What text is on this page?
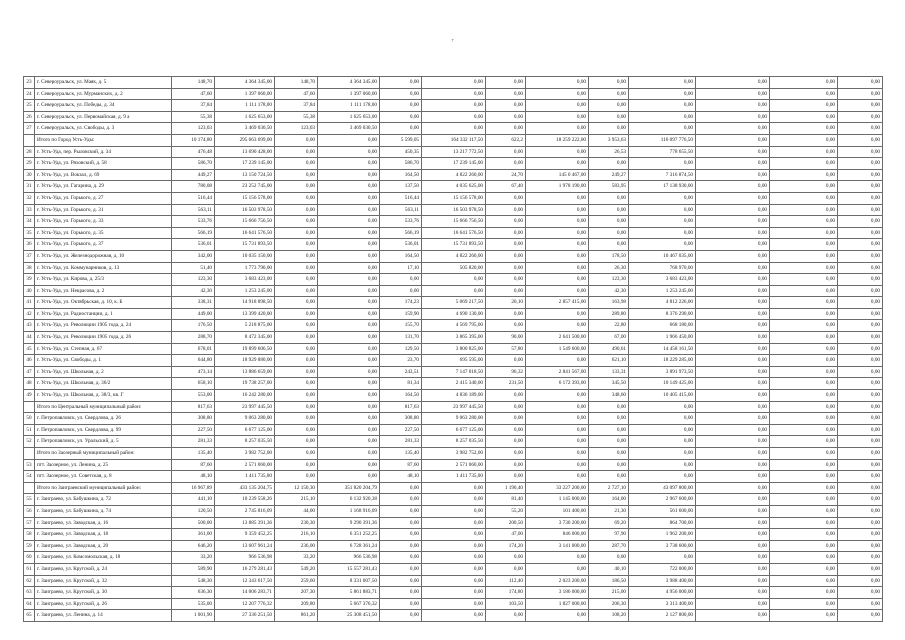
7
23	г. Североуральск, ул. Маяк, д. 5	148,70	4 364 345,00	148,70	4 364 345,00	0,00	0,00	0,00	0,00	0,00	0,00	0,00	0,00	0,00
24	г. Североуральск, ул. Мурманских, д. 2	47,60	1 397 060,00	47,60	1 397 060,00	0,00	0,00	0,00	0,00	0,00	0,00	0,00	0,00	0,00
25	г. Североуральск, ул. Победы, д. 34	37,84	1 111 178,00	37,84	1 111 178,00	0,00	0,00	0,00	0,00	0,00	0,00	0,00	0,00	0,00
26	г. Североуральск, ул. Первомайская, д. 9 а	55,38	1 625 653,00	55,38	1 625 653,00	0,00	0,00	0,00	0,00	0,00	0,00	0,00	0,00	0,00
27	г. Североуральск, ул. Свободы, д. 3	123,03	3 469 030,50	123,03	3 469 030,50	0,00	0,00	0,00	0,00	0,00	0,00	0,00	0,00	0,00
	Итого по Город Усть-Уды:	10 174,80	295 663 699,00	0,00	0,00	5 599,05	164 332 117,50	622,2	18 259 222,00	3 953,63	116 097 776,50	0,00	0,00	0,00
28	г. Усть-Уда, пер. Рыловский, д. 34	476,48	13 690 428,00	0,00	0,00	450,35	13 217 772,50	0,00	0,00	26,53	778 655,50	0,00	0,00	0,00
29	г. Усть-Уда, ул. Ряховский, д. 58	586,70	17 239 145,00	0,00	0,00	586,70	17 239 145,00	0,00	0,00	0,00	0,00	0,00	0,00	0,00
30	г. Усть-Уда, ул. Вокзал, д. 69	449,27	13 150 724,50	0,00	0,00	164,50	4 822 260,00	24,70	145 0 467,00	249,27	7 316 874,50	0,00	0,00	0,00
31	г. Усть-Уда, ул. Гагарина, д. 29	780,08	23 252 745,00	0,00	0,00	137,50	4 035 625,00	67,40	1 978 190,00	583,95	17 138 930,00	0,00	0,00	0,00
32	г. Усть-Уда, ул. Горького, д. 27	516,44	15 156 578,00	0,00	0,00	516,44	15 156 578,00	0,00	0,00	0,00	0,00	0,00	0,00	0,00
33	г. Усть-Уда, ул. Горького, д. 31	563,11	16 503 978,50	0,00	0,00	563,11	16 503 978,50	0,00	0,00	0,00	0,00	0,00	0,00	0,00
34	г. Усть-Уда, ул. Горького, д. 33	533,76	15 666 756,50	0,00	0,00	533,76	15 666 756,50	0,00	0,00	0,00	0,00	0,00	0,00	0,00
35	г. Усть-Уда, ул. Горького, д. 35	566,19	16 641 576,50	0,00	0,00	566,19	16 641 576,50	0,00	0,00	0,00	0,00	0,00	0,00	0,00
36	г. Усть-Уда, ул. Горького, д. 37	536,01	15 731 893,50	0,00	0,00	536,01	15 731 893,50	0,00	0,00	0,00	0,00	0,00	0,00	0,00
37	г. Усть-Уда, ул. Железнодорожная, д. 10	342,00	10 035 150,00	0,00	0,00	164,50	4 822 260,00	0,00	0,00	178,50	10 467 035,00	0,00	0,00	0,00
38	г. Усть-Уда, ул. Коммунарников, д. 13	51,40	1 773 790,00	0,00	0,00	17,10	505 820,00	0,00	0,00	26,30	768 970,00	0,00	0,00	0,00
39	г. Усть-Уда, ул. Кирова, д. 25/3	123,30	3 683 423,00	0,00	0,00	0,00	0,00	0,00	0,00	123,30	3 683 423,00	0,00	0,00	0,00
40	г. Усть-Уда, ул. Некрасова, д. 2	42,30	1 253 245,00	0,00	0,00	0,00	0,00	0,00	0,00	42,30	1 253 245,00	0,00	0,00	0,00
41	г. Усть-Уда, ул. Октябрьская, д. 10, к. Б	338,31	14 918 898,50	0,00	0,00	174,23	5 069 217,50	20,10	2 857 415,00	163,98	4 812 226,00	0,00	0,00	0,00
42	г. Усть-Уда, ул. Радиостанции, д. 1	449,00	13 399 420,00	0,00	0,00	159,90	4 690 130,00	0,00	0,00	289,80	8 376 290,00	0,00	0,00	0,00
43	г. Усть-Уда, ул. Революции 1905 года, д. 24	176,50	5 218 875,00	0,00	0,00	155,70	4 569 795,00	0,00	0,00	22,80	668 180,00	0,00	0,00	0,00
44	г. Усть-Уда, ул. Революции 1905 года, д. 26	288,70	8 472 345,00	0,00	0,00	131,70	3 865 395,00	90,00	2 641 500,00	67,00	1 966 450,00	0,00	0,00	0,00
45	г. Усть-Уда, ул. Степная, д. 67	678,01	19 899 606,50	0,00	0,00	129,50	3 800 825,00	57,80	1 549 600,00	490,61	14 458 161,50	0,00	0,00	0,00
46	г. Усть-Уда, ул. Свободы, д. 1	644,80	18 929 880,00	0,00	0,00	23,70	695 595,00	0,00	0,00	621,10	18 229 285,00	0,00	0,00	0,00
47	г. Усть-Уда, ул. Школьная, д. 2	473,14	13 886 659,00	0,00	0,00	243,51	7 147 018,50	96,32	2 841 567,00	133,31	3 891 973,50	0,00	0,00	0,00
48	г. Усть-Уда, ул. Школьная, д. 36/2	658,10	19 738 257,00	0,00	0,00	81,34	2 415 340,00	231,50	6 172 393,00	345,50	10 149 425,00	0,00	0,00	0,00
49	г. Усть-Уда, ул. Школьная, д. 38/3, кв. Г	553,00	16 242 280,00	0,00	0,00	164,50	4 836 189,00	0,00	0,00	348,60	10 405 415,00	0,00	0,00	0,00
	Итого по Центральный муниципальный район:	817,63	23 997 445,50	0,00	0,00	817,63	23 997 445,50	0,00	0,00	0,00	0,00	0,00	0,00	0,00
50	г. Петропавловск, ул. Свердлова, д. 26	308,80	9 063 280,00	0,00	0,00	308,80	9 063 280,00	0,00	0,00	0,00	0,00	0,00	0,00	0,00
51	г. Петропавловск, ул. Свердлова, д. 99	227,50	6 677 125,00	0,00	0,00	227,50	6 677 125,00	0,00	0,00	0,00	0,00	0,00	0,00	0,00
52	г. Петропавловск, ул. Уральский, д. 5	281,33	8 257 035,50	0,00	0,00	281,33	8 257 035,50	0,00	0,00	0,00	0,00	0,00	0,00	0,00
	Итого по Заозерный муниципальный район:	135,40	3 982 752,00	0,00	0,00	135,40	3 982 752,00	0,00	0,00	0,00	0,00	0,00	0,00	0,00
53	пгт. Заозерное, ул. Ленина, д. 25	87,60	2 571 060,00	0,00	0,00	87,60	2 571 060,00	0,00	0,00	0,00	0,00	0,00	0,00	0,00
54	пгт. Заозерное, ул. Советская, д. 8	48,10	1 411 735,00	0,00	0,00	48,10	1 411 735,00	0,00	0,00	0,00	0,00	0,00	0,00	0,00
	Итого по Заиграевский муниципальный район:	16 967,89	433 135 204,75	12 150,30	351 820 204,79	0,00	0,00	1 190,40	33 227 200,00	2 727,10	43 097 800,00	0,00	0,00	0,00
55	г. Заиграево, ул. Бабушкина, д. 72	441,10	10 239 558,26	215,10	6 132 920,38	0,00	0,00	81,40	1 145 000,00	164,00	2 967 600,00	0,00	0,00	0,00
56	г. Заиграево, ул. Бабушкина, д. 74	120,50	2 745 816,09	44,00	1 168 916,09	0,00	0,00	55,20	101 400,00	21,30	561 600,00	0,00	0,00	0,00
57	г. Заиграево, ул. Заводская, д. 16	500,00	13 885 391,36	230,30	9 290 391,36	0,00	0,00	200,50	3 730 200,00	69,20	864 700,00	0,00	0,00	0,00
58	г. Заиграево, ул. Заводская, д. 18	361,00	9 359 452,25	216,10	6 351 252,25	0,00	0,00	47,00	846 000,00	97,90	1 962 200,00	0,00	0,00	0,00
59	г. Заиграево, ул. Заводская, д. 20	646,20	13 607 961,24	236,00	6 728 361,24	0,00	0,00	174,20	3 141 000,00	287,70	3 738 600,00	0,00	0,00	0,00
60	г. Заиграево, ул. Комсомольская, д. 18	33,20	966 536,98	33,20	966 536,98	0,00	0,00	0,00	0,00	0,00	0,00	0,00	0,00	0,00
61	г. Заиграево, ул. Кругской, д. 24	589,90	16 279 281,43	549,20	15 557 281,43	0,00	0,00	0,00	0,00	40,10	722 000,00	0,00	0,00	0,00
62	г. Заиграево, ул. Кругской, д. 32	548,30	12 343 617,50	259,60	8 331 007,50	0,00	0,00	112,40	2 023 200,00	186,50	3 988 400,00	0,00	0,00	0,00
63	г. Заиграево, ул. Кругской, д. 30	636,30	14 006 283,71	207,30	5 861 883,71	0,00	0,00	174,80	3 186 000,00	215,00	4 956 000,00	0,00	0,00	0,00
64	г. Заиграево, ул. Кругской, д. 26	535,00	12 207 776,32	209,80	5 667 376,32	0,00	0,00	103,50	1 827 000,00	206,30	3 313 400,00	0,00	0,00	0,00
65	г. Заиграево, ул. Ленина, д. 14	1 001,90	27 336 251,50	861,20	25 308 451,50	0,00	0,00	0,00	0,00	108,20	2 127 800,00	0,00	0,00	0,00
